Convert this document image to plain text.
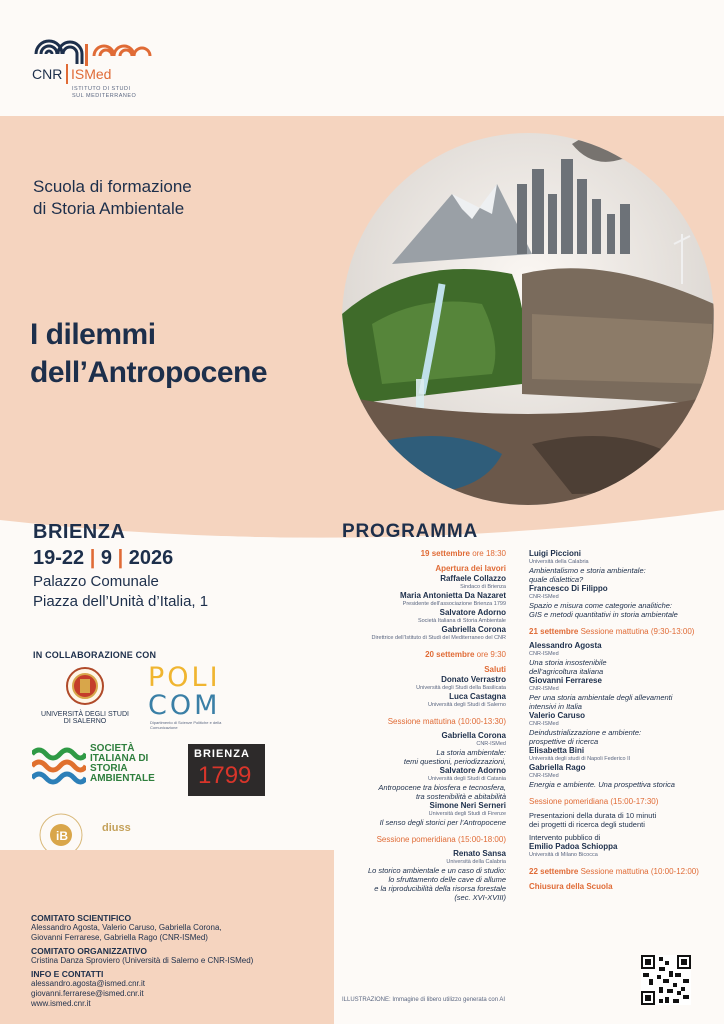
CNR ISMed
ISTITUTO DI STUDI
SUL MEDITERRANEO
Scuola di formazione
di Storia Ambientale
I dilemmi
dell’Antropocene
BRIENZA
19-22 | 9 | 2026
Palazzo Comunale
Piazza dell’Unità d’Italia, 1
IN COLLABORAZIONE CON
UNIVERSITÀ DEGLI STUDI
DI SALERNO
POLI
COM
Dipartimento di Scienze Politiche e della Comunicazione
SOCIETÀ
ITALIANA DI
STORIA
AMBIENTALE
BRIENZA
1799
iB
diuss
COMITATO SCIENTIFICO
Alessandro Agosta, Valerio Caruso, Gabriella Corona,
Giovanni Ferrarese, Gabriella Rago (CNR-ISMed)
COMITATO ORGANIZZATIVO
Cristina Danza Sproviero (Università di Salerno e CNR-ISMed)
INFO E CONTATTI
alessandro.agosta@ismed.cnr.it
giovanni.ferrarese@ismed.cnr.it
www.ismed.cnr.it
PROGRAMMA
19 settembre ore 18:30
Apertura dei lavori
Raffaele Collazzo
Sindaco di Brienza
Maria Antonietta Da Nazaret
Presidente dell’associazione Brienza 1799
Salvatore Adorno
Società Italiana di Storia Ambientale
Gabriella Corona
Direttrice dell’Istituto di Studi del Mediterraneo del CNR
20 settembre ore 9:30
Saluti
Donato Verrastro
Università degli Studi della Basilicata
Luca Castagna
Università degli Studi di Salerno
Sessione mattutina (10:00-13:30)
Gabriella Corona
CNR-ISMed
La storia ambientale:
temi questioni, periodizzazioni,
Salvatore Adorno
Università degli Studi di Catania
Antropocene tra biosfera e tecnosfera,
tra sostenibilità e abitabilità
Simone Neri Serneri
Università degli Studi di Firenze
Il senso degli storici per l’Antropocene
Sessione pomeridiana (15:00-18:00)
Renato Sansa
Università della Calabria
Lo storico ambientale e un caso di studio:
lo sfruttamento delle cave di allume
e la riproducibilità della risorsa forestale
(sec. XVI-XVIII)
Luigi Piccioni
Università della Calabria
Ambientalismo e storia ambientale:
quale dialettica?
Francesco Di Filippo
CNR-ISMed
Spazio e misura come categorie analitiche:
GIS e metodi quantitativi in storia ambientale
21 settembre Sessione mattutina (9:30-13:00)
Alessandro Agosta
CNR-ISMed
Una storia insostenibile
dell’agricoltura italiana
Giovanni Ferrarese
CNR-ISMed
Per una storia ambientale degli allevamenti
intensivi in Italia
Valerio Caruso
CNR-ISMed
Deindustrializzazione e ambiente:
prospettive di ricerca
Elisabetta Bini
Università degli studi di Napoli Federico II
Gabriella Rago
CNR-ISMed
Energia e ambiente. Una prospettiva storica
Sessione pomeridiana (15:00-17:30)
Presentazioni della durata di 10 minuti
dei progetti di ricerca degli studenti
Intervento pubblico di
Emilio Padoa Schioppa
Università di Milano Bicocca
22 settembre Sessione mattutina (10:00-12:00)
Chiusura della Scuola
ILLUSTRAZIONE: Immagine di libero utilizzo generata con AI
